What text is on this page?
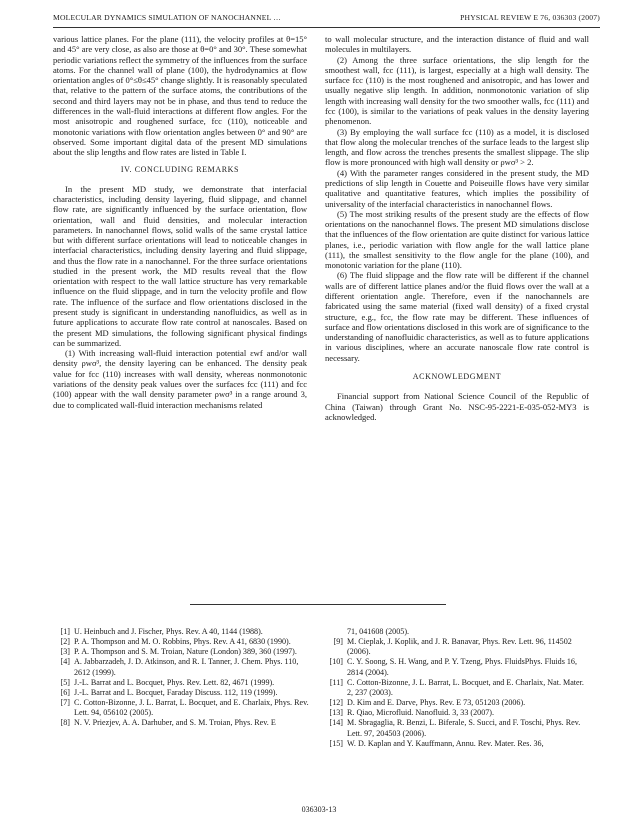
MOLECULAR DYNAMICS SIMULATION OF NANOCHANNEL …	PHYSICAL REVIEW E 76, 036303 (2007)

various lattice planes. For the plane (111), the velocity profiles at θ=15° and 45° are very close, as also are those at θ=0° and 30°. These somewhat periodic variations reflect the symmetry of the influences from the surface atoms. For the channel wall of plane (100), the hydrodynamics at flow orientation angles of 0°≤θ≤45° change slightly. It is reasonably speculated that, relative to the pattern of the surface atoms, the contributions of the second and third layers may not be in phase, and thus tend to reduce the differences in the wall-fluid interactions at different flow angles. For the most anisotropic and roughened surface, fcc (110), noticeable and monotonic variations with flow orientation angles between 0° and 90° are observed. Some important digital data of the present MD simulations about the slip lengths and flow rates are listed in Table I.

IV. CONCLUDING REMARKS

In the present MD study, we demonstrate that interfacial characteristics, including density layering, fluid slippage, and channel flow rate, are significantly influenced by the surface orientation, flow orientation, wall and fluid densities, and molecular interaction parameters. In nanochannel flows, solid walls of the same crystal lattice but with different surface orientations will lead to noticeable changes in interfacial characteristics, including density layering and fluid slippage, and thus the flow rate in a nanochannel. For the three surface orientations studied in the present work, the MD results reveal that the flow orientation with respect to the wall lattice structure has very remarkable influence on the fluid slippage, and in turn the velocity profile and flow rate. The influence of the surface and flow orientations disclosed in the present study is significant in understanding nanofluidics, as well as in future applications to accurate flow rate control at nanoscales. Based on the present MD simulations, the following significant physical findings can be summarized.

(1) With increasing wall-fluid interaction potential εwf and/or wall density ρwσ³, the density layering can be enhanced. The density peak value for fcc (110) increases with wall density, whereas nonmonotonic variations of the density peak values over the surfaces fcc (111) and fcc (100) appear with the wall density parameter ρwσ³ in a range around 3, due to complicated wall-fluid interaction mechanisms related

to wall molecular structure, and the interaction distance of fluid and wall molecules in multilayers.

(2) Among the three surface orientations, the slip length for the smoothest wall, fcc (111), is largest, especially at a high wall density. The surface fcc (110) is the most roughened and anisotropic, and has lower and usually negative slip length. In addition, nonmonotonic variation of slip length with increasing wall density for the two smoother walls, fcc (111) and fcc (100), is similar to the variations of peak values in the density layering phenomenon.

(3) By employing the wall surface fcc (110) as a model, it is disclosed that flow along the molecular trenches of the surface leads to the largest slip length, and flow across the trenches presents the smallest slippage. The slip flow is more pronounced with high wall density or ρwσ³ > 2.

(4) With the parameter ranges considered in the present study, the MD predictions of slip length in Couette and Poiseuille flows have very similar qualitative and quantitative features, which implies the possibility of universality of the interfacial characteristics in nanochannel flows.

(5) The most striking results of the present study are the effects of flow orientations on the nanochannel flows. The present MD simulations disclose that the influences of the flow orientation are quite distinct for various lattice planes, i.e., periodic variation with flow angle for the wall lattice plane (111), the smallest sensitivity to the flow angle for the plane (100), and monotonic variation for the plane (110).

(6) The fluid slippage and the flow rate will be different if the channel walls are of different lattice planes and/or the fluid flows over the wall at a different orientation angle. Therefore, even if the nanochannels are fabricated using the same material (fixed wall density) of a fixed crystal structure, e.g., fcc, the flow rate may be different. These influences of surface and flow orientations disclosed in this work are of significance to the understanding of nanofluidic characteristics, as well as to future applications in various disciplines, where an accurate nanoscale flow rate control is necessary.

ACKNOWLEDGMENT

Financial support from National Science Council of the Republic of China (Taiwan) through Grant No. NSC-95-2221-E-035-052-MY3 is acknowledged.

[1] U. Heinbuch and J. Fischer, Phys. Rev. A 40, 1144 (1988).
[2] P. A. Thompson and M. O. Robbins, Phys. Rev. A 41, 6830 (1990).
[3] P. A. Thompson and S. M. Troian, Nature (London) 389, 360 (1997).
[4] A. Jabbarzadeh, J. D. Atkinson, and R. I. Tanner, J. Chem. Phys. 110, 2612 (1999).
[5] J.-L. Barrat and L. Bocquet, Phys. Rev. Lett. 82, 4671 (1999).
[6] J.-L. Barrat and L. Bocquet, Faraday Discuss. 112, 119 (1999).
[7] C. Cotton-Bizonne, J. L. Barrat, L. Bocquet, and E. Charlaix, Phys. Rev. Lett. 94, 056102 (2005).
[8] N. V. Priezjev, A. A. Darhuber, and S. M. Troian, Phys. Rev. E
71, 041608 (2005).
[9] M. Cieplak, J. Koplik, and J. R. Banavar, Phys. Rev. Lett. 96, 114502 (2006).
[10] C. Y. Soong, S. H. Wang, and P. Y. Tzeng, Phys. FluidsPhys. Fluids 16, 2814 (2004).
[11] C. Cotton-Bizonne, J. L. Barrat, L. Bocquet, and E. Charlaix, Nat. Mater. 2, 237 (2003).
[12] D. Kim and E. Darve, Phys. Rev. E 73, 051203 (2006).
[13] R. Qiao, Microfluid. Nanofluid. 3, 33 (2007).
[14] M. Sbragaglia, R. Benzi, L. Biferale, S. Succi, and F. Toschi, Phys. Rev. Lett. 97, 204503 (2006).
[15] W. D. Kaplan and Y. Kauffmann, Annu. Rev. Mater. Res. 36,
036303-13
